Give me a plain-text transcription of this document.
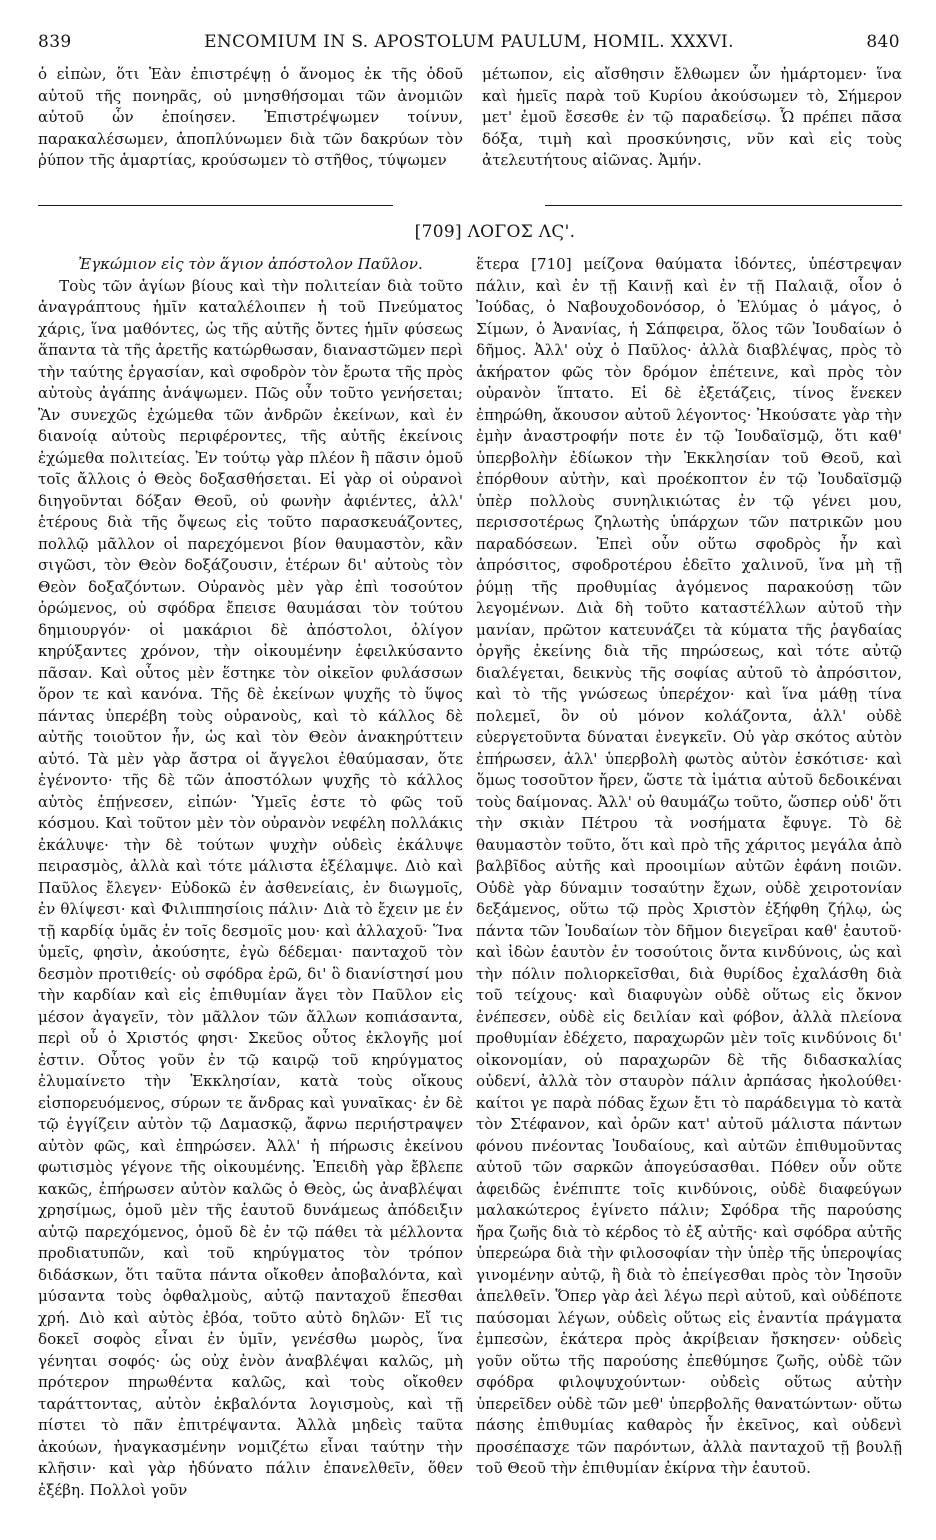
839	ENCOMIUM IN S. APOSTOLUM PAULUM, HOMIL. XXXVI.	840

ὁ εἰπὼν, ὅτι Ἐὰν ἐπιστρέψῃ ὁ ἄνομος ἐκ τῆς ὁδοῦ αὐτοῦ τῆς πονηρᾶς, οὐ μνησθήσομαι τῶν ἀνομιῶν αὐτοῦ ὧν ἐποίησεν. Ἐπιστρέψωμεν τοίνυν, παρακαλέσωμεν, ἀποπλύνωμεν διὰ τῶν δακρύων τὸν ῥύπον τῆς ἁμαρτίας, κρούσωμεν τὸ στῆθος, τύψωμεν

μέτωπον, εἰς αἴσθησιν ἔλθωμεν ὧν ἡμάρτομεν· ἵνα καὶ ἡμεῖς παρὰ τοῦ Κυρίου ἀκούσωμεν τὸ, Σήμερον μετ' ἐμοῦ ἔσεσθε ἐν τῷ παραδείσῳ. Ὧ πρέπει πᾶσα δόξα, τιμὴ καὶ προσκύνησις, νῦν καὶ εἰς τοὺς ἀτελευτήτους αἰῶνας. Ἀμήν.

[709] ΛΟΓΟΣ ΛϚ'.

Ἐγκώμιον εἰς τὸν ἅγιον ἀπόστολον Παῦλον.

Τοὺς τῶν ἁγίων βίους καὶ τὴν πολιτείαν διὰ τοῦτο ἀναγράπτους ἡμῖν καταλέλοιπεν ἡ τοῦ Πνεύματος χάρις, ἵνα μαθόντες, ὡς τῆς αὐτῆς ὄντες ἡμῖν φύσεως ἅπαντα τὰ τῆς ἀρετῆς κατώρθωσαν, διαναστῶμεν περὶ τὴν ταύτης ἐργασίαν, καὶ σφοδρὸν τὸν ἔρωτα τῆς πρὸς αὐτοὺς ἀγάπης ἀνάψωμεν. Πῶς οὖν τοῦτο γενήσεται; Ἂν συνεχῶς ἐχώμεθα τῶν ἀνδρῶν ἐκείνων, καὶ ἐν διανοίᾳ αὐτοὺς περιφέροντες, τῆς αὐτῆς ἐκείνοις ἐχώμεθα πολιτείας. Ἐν τούτῳ γὰρ πλέον ἢ πᾶσιν ὁμοῦ τοῖς ἄλλοις ὁ Θεὸς δοξασθήσεται. Εἰ γὰρ οἱ οὐρανοὶ διηγοῦνται δόξαν Θεοῦ, οὐ φωνὴν ἀφιέντες, ἀλλ' ἑτέρους διὰ τῆς ὄψεως εἰς τοῦτο παρασκευάζοντες, πολλῷ μᾶλλον οἱ παρεχόμενοι βίον θαυμαστὸν, κἂν σιγῶσι, τὸν Θεὸν δοξάζουσιν, ἑτέρων δι' αὐτοὺς τὸν Θεὸν δοξαζόντων. Οὐρανὸς μὲν γὰρ ἐπὶ τοσούτον ὁρώμενος, οὐ σφόδρα ἔπεισε θαυμάσαι τὸν τούτου δημιουργόν· οἱ μακάριοι δὲ ἀπόστολοι, ὀλίγον κηρύξαντες χρόνον, τὴν οἰκουμένην ἐφειλκύσαντο πᾶσαν. Καὶ οὗτος μὲν ἕστηκε τὸν οἰκεῖον φυλάσσων ὅρον τε καὶ κανόνα. Τῆς δὲ ἐκείνων ψυχῆς τὸ ὕψος πάντας ὑπερέβη τοὺς οὐρανοὺς, καὶ τὸ κάλλος δὲ αὐτῆς τοιοῦτον ἦν, ὡς καὶ τὸν Θεὸν ἀνακηρύττειν αὐτό. Τὰ μὲν γὰρ ἄστρα οἱ ἄγγελοι ἐθαύμασαν, ὅτε ἐγένοντο· τῆς δὲ τῶν ἀποστόλων ψυχῆς τὸ κάλλος αὐτὸς ἐπῄνεσεν, εἰπών· Ὑμεῖς ἐστε τὸ φῶς τοῦ κόσμου. Καὶ τοῦτον μὲν τὸν οὐρανὸν νεφέλη πολλάκις ἐκάλυψε· τὴν δὲ τούτων ψυχὴν οὐδεὶς ἐκάλυψε πειρασμὸς, ἀλλὰ καὶ τότε μάλιστα ἐξέλαμψε. Διὸ καὶ Παῦλος ἔλεγεν· Εὐδοκῶ ἐν ἀσθενείαις, ἐν διωγμοῖς, ἐν θλίψεσι· καὶ Φιλιππησίοις πάλιν· Διὰ τὸ ἔχειν με ἐν τῇ καρδίᾳ ὑμᾶς ἐν τοῖς δεσμοῖς μου· καὶ ἀλλαχοῦ· Ἵνα ὑμεῖς, φησὶν, ἀκούσητε, ἐγὼ δέδεμαι· πανταχοῦ τὸν δεσμὸν προτιθείς· οὐ σφόδρα ἐρῶ, δι' ὃ διανίστησί μου τὴν καρδίαν καὶ εἰς ἐπιθυμίαν ἄγει τὸν Παῦλον εἰς μέσον ἀγαγεῖν, τὸν μᾶλλον τῶν ἄλλων κοπιάσαντα, περὶ οὗ ὁ Χριστός φησι· Σκεῦος οὗτος ἐκλογῆς μοί ἐστιν. Οὗτος γοῦν ἐν τῷ καιρῷ τοῦ κηρύγματος ἐλυμαίνετο τὴν Ἐκκλησίαν, κατὰ τοὺς οἴκους εἰσπορευόμενος, σύρων τε ἄνδρας καὶ γυναῖκας· ἐν δὲ τῷ ἐγγίζειν αὐτὸν τῷ Δαμασκῷ, ἄφνω περιήστραψεν αὐτὸν φῶς, καὶ ἐπηρώσεν. Ἀλλ' ἡ πήρωσις ἐκείνου φωτισμὸς γέγονε τῆς οἰκουμένης. Ἐπειδὴ γὰρ ἔβλεπε κακῶς, ἐπήρωσεν αὐτὸν καλῶς ὁ Θεὸς, ὡς ἀναβλέψαι χρησίμως, ὁμοῦ μὲν τῆς ἑαυτοῦ δυνάμεως ἀπόδειξιν αὐτῷ παρεχόμενος, ὁμοῦ δὲ ἐν τῷ πάθει τὰ μέλλοντα προδιατυπῶν, καὶ τοῦ κηρύγματος τὸν τρόπον διδάσκων, ὅτι ταῦτα πάντα οἴκοθεν ἀποβαλόντα, καὶ μύσαντα τοὺς ὀφθαλμοὺς, αὐτῷ πανταχοῦ ἕπεσθαι χρή. Διὸ καὶ αὐτὸς ἐβόα, τοῦτο αὐτὸ δηλῶν· Εἴ τις δοκεῖ σοφὸς εἶναι ἐν ὑμῖν, γενέσθω μωρὸς, ἵνα γένηται σοφός· ὡς οὐχ ἐνὸν ἀναβλέψαι καλῶς, μὴ πρότερον πηρωθέντα καλῶς, καὶ τοὺς οἴκοθεν ταράττοντας, αὐτὸν ἐκβαλόντα λογισμοὺς, καὶ τῇ πίστει τὸ πᾶν ἐπιτρέψαντα. Ἀλλὰ μηδεὶς ταῦτα ἀκούων, ἠναγκασμένην νομιζέτω εἶναι ταύτην τὴν κλῆσιν· καὶ γὰρ ἠδύνατο πάλιν ἐπανελθεῖν, ὅθεν ἐξέβη. Πολλοὶ γοῦν

ἕτερα [710] μείζονα θαύματα ἰδόντες, ὑπέστρεψαν πάλιν, καὶ ἐν τῇ Καινῇ καὶ ἐν τῇ Παλαιᾷ, οἷον ὁ Ἰούδας, ὁ Ναβουχοδονόσορ, ὁ Ἐλύμας ὁ μάγος, ὁ Σίμων, ὁ Ἀνανίας, ἡ Σάπφειρα, ὅλος τῶν Ἰουδαίων ὁ δῆμος. Ἀλλ' οὐχ ὁ Παῦλος· ἀλλὰ διαβλέψας, πρὸς τὸ ἀκήρατον φῶς τὸν δρόμον ἐπέτεινε, καὶ πρὸς τὸν οὐρανὸν ἵπτατο. Εἰ δὲ ἐξετάζεις, τίνος ἕνεκεν ἐπηρώθη, ἄκουσον αὐτοῦ λέγοντος· Ἠκούσατε γὰρ τὴν ἐμὴν ἀναστροφήν ποτε ἐν τῷ Ἰουδαϊσμῷ, ὅτι καθ' ὑπερβολὴν ἐδίωκον τὴν Ἐκκλησίαν τοῦ Θεοῦ, καὶ ἐπόρθουν αὐτὴν, καὶ προέκοπτον ἐν τῷ Ἰουδαϊσμῷ ὑπὲρ πολλοὺς συνηλικιώτας ἐν τῷ γένει μου, περισσοτέρως ζηλωτὴς ὑπάρχων τῶν πατρικῶν μου παραδόσεων. Ἐπεὶ οὖν οὕτω σφοδρὸς ἦν καὶ ἀπρόσιτος, σφοδροτέρου ἐδεῖτο χαλινοῦ, ἵνα μὴ τῇ ῥύμῃ τῆς προθυμίας ἀγόμενος παρακούσῃ τῶν λεγομένων. Διὰ δὴ τοῦτο καταστέλλων αὐτοῦ τὴν μανίαν, πρῶτον κατευνάζει τὰ κύματα τῆς ῥαγδαίας ὀργῆς ἐκείνης διὰ τῆς πηρώσεως, καὶ τότε αὐτῷ διαλέγεται, δεικνὺς τῆς σοφίας αὐτοῦ τὸ ἀπρόσιτον, καὶ τὸ τῆς γνώσεως ὑπερέχον· καὶ ἵνα μάθῃ τίνα πολεμεῖ, ὃν οὐ μόνον κολάζοντα, ἀλλ' οὐδὲ εὐεργετοῦντα δύναται ἐνεγκεῖν. Οὐ γὰρ σκότος αὐτὸν ἐπήρωσεν, ἀλλ' ὑπερβολὴ φωτὸς αὐτὸν ἐσκότισε· καὶ ὅμως τοσοῦτον ἤρεν, ὥστε τὰ ἱμάτια αὐτοῦ δεδοικέναι τοὺς δαίμονας. Ἀλλ' οὐ θαυμάζω τοῦτο, ὥσπερ οὐδ' ὅτι τὴν σκιὰν Πέτρου τὰ νοσήματα ἔφυγε. Τὸ δὲ θαυμαστὸν τοῦτο, ὅτι καὶ πρὸ τῆς χάριτος μεγάλα ἀπὸ βαλβῖδος αὐτῆς καὶ προοιμίων αὐτῶν ἐφάνη ποιῶν. Οὐδὲ γὰρ δύναμιν τοσαύτην ἔχων, οὐδὲ χειροτονίαν δεξάμενος, οὕτω τῷ πρὸς Χριστὸν ἐξήφθη ζήλῳ, ὡς πάντα τῶν Ἰουδαίων τὸν δῆμον διεγεῖραι καθ' ἑαυτοῦ· καὶ ἰδὼν ἑαυτὸν ἐν τοσούτοις ὄντα κινδύνοις, ὡς καὶ τὴν πόλιν πολιορκεῖσθαι, διὰ θυρίδος ἐχαλάσθη διὰ τοῦ τείχους· καὶ διαφυγὼν οὐδὲ οὕτως εἰς ὄκνον ἐνέπεσεν, οὐδὲ εἰς δειλίαν καὶ φόβον, ἀλλὰ πλείονα προθυμίαν ἐδέχετο, παραχωρῶν μὲν τοῖς κινδύνοις δι' οἰκονομίαν, οὐ παραχωρῶν δὲ τῆς διδασκαλίας οὐδενί, ἀλλὰ τὸν σταυρὸν πάλιν ἁρπάσας ἠκολούθει· καίτοι γε παρὰ πόδας ἔχων ἔτι τὸ παράδειγμα τὸ κατὰ τὸν Στέφανον, καὶ ὁρῶν κατ' αὐτοῦ μάλιστα πάντων φόνου πνέοντας Ἰουδαίους, καὶ αὐτῶν ἐπιθυμοῦντας αὐτοῦ τῶν σαρκῶν ἀπογεύσασθαι. Πόθεν οὖν οὔτε ἀφειδῶς ἐνέπιπτε τοῖς κινδύνοις, οὐδὲ διαφεύγων μαλακώτερος ἐγίνετο πάλιν; Σφόδρα τῆς παρούσης ἤρα ζωῆς διὰ τὸ κέρδος τὸ ἐξ αὐτῆς· καὶ σφόδρα αὐτῆς ὑπερεώρα διὰ τὴν φιλοσοφίαν τὴν ὑπὲρ τῆς ὑπεροψίας γινομένην αὐτῷ, ἢ διὰ τὸ ἐπείγεσθαι πρὸς τὸν Ἰησοῦν ἀπελθεῖν. Ὅπερ γὰρ ἀεὶ λέγω περὶ αὐτοῦ, καὶ οὐδέποτε παύσομαι λέγων, οὐδεὶς οὕτως εἰς ἐναντία πράγματα ἐμπεσὼν, ἑκάτερα πρὸς ἀκρίβειαν ἤσκησεν· οὐδεὶς γοῦν οὕτω τῆς παρούσης ἐπεθύμησε ζωῆς, οὐδὲ τῶν σφόδρα φιλοψυχούντων· οὐδεὶς οὕτως αὐτὴν ὑπερεῖδεν οὐδὲ τῶν μεθ' ὑπερβολῆς θανατώντων· οὕτω πάσης ἐπιθυμίας καθαρὸς ἦν ἐκεῖνος, καὶ οὐδενὶ προσέπασχε τῶν παρόντων, ἀλλὰ πανταχοῦ τῇ βουλῇ τοῦ Θεοῦ τὴν ἐπιθυμίαν ἐκίρνα τὴν ἑαυτοῦ.
